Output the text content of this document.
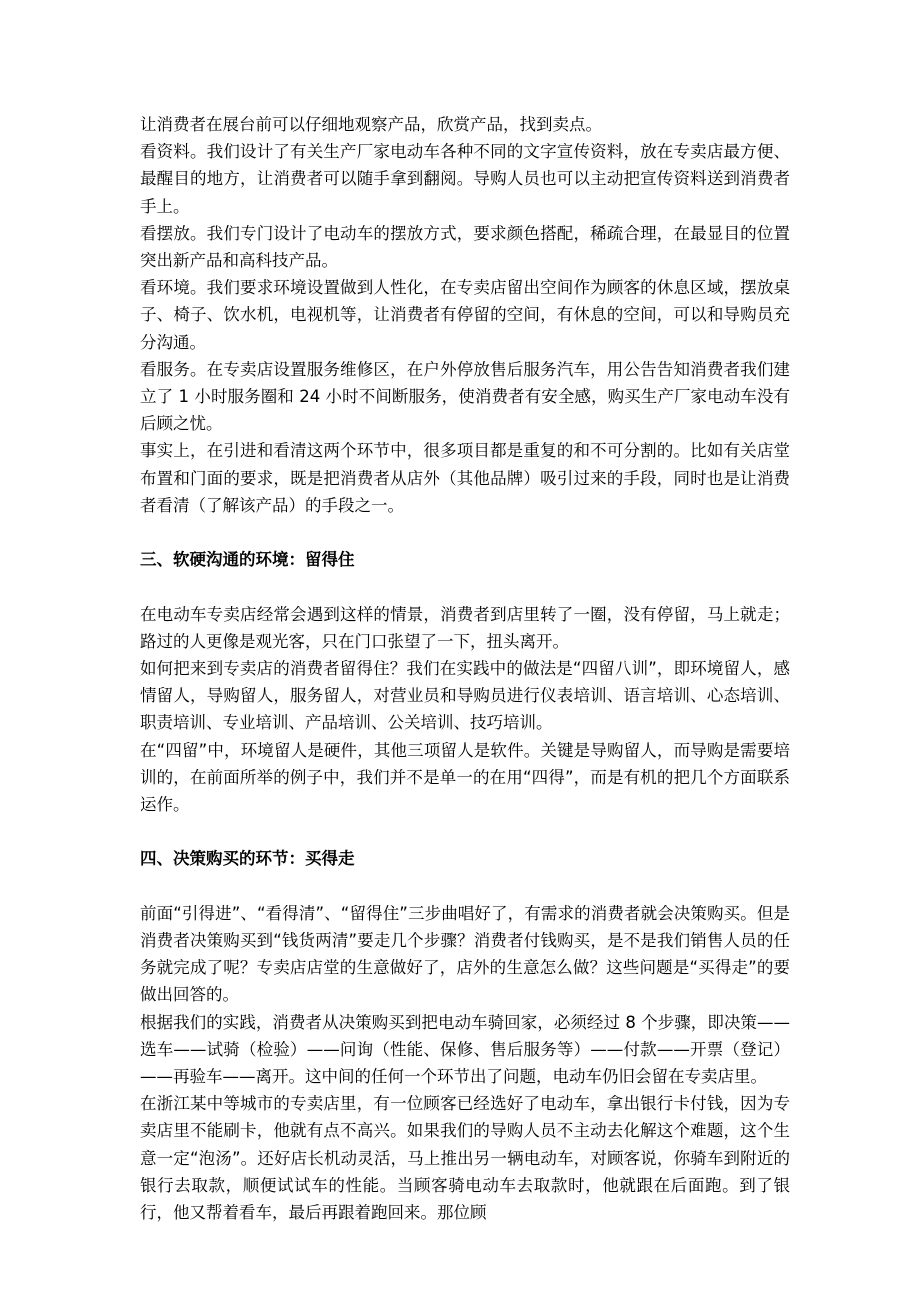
让消费者在展台前可以仔细地观察产品，欣赏产品，找到卖点。

看资料。我们设计了有关生产厂家电动车各种不同的文字宣传资料，放在专卖店最方便、最醒目的地方，让消费者可以随手拿到翻阅。导购人员也可以主动把宣传资料送到消费者手上。

看摆放。我们专门设计了电动车的摆放方式，要求颜色搭配，稀疏合理，在最显目的位置突出新产品和高科技产品。

看环境。我们要求环境设置做到人性化，在专卖店留出空间作为顾客的休息区域，摆放桌子、椅子、饮水机，电视机等，让消费者有停留的空间，有休息的空间，可以和导购员充分沟通。

看服务。在专卖店设置服务维修区，在户外停放售后服务汽车，用公告告知消费者我们建立了 1 小时服务圈和 24 小时不间断服务，使消费者有安全感，购买生产厂家电动车没有后顾之忧。

事实上，在引进和看清这两个环节中，很多项目都是重复的和不可分割的。比如有关店堂布置和门面的要求，既是把消费者从店外（其他品牌）吸引过来的手段，同时也是让消费者看清（了解该产品）的手段之一。

三、软硬沟通的环境：留得住

在电动车专卖店经常会遇到这样的情景，消费者到店里转了一圈，没有停留，马上就走；路过的人更像是观光客，只在门口张望了一下，扭头离开。

如何把来到专卖店的消费者留得住？我们在实践中的做法是“四留八训”，即环境留人，感情留人，导购留人，服务留人，对营业员和导购员进行仪表培训、语言培训、心态培训、职责培训、专业培训、产品培训、公关培训、技巧培训。

在“四留”中，环境留人是硬件，其他三项留人是软件。关键是导购留人，而导购是需要培训的，在前面所举的例子中，我们并不是单一的在用“四得”，而是有机的把几个方面联系运作。

四、决策购买的环节：买得走

前面“引得进”、“看得清”、“留得住”三步曲唱好了，有需求的消费者就会决策购买。但是消费者决策购买到“钱货两清”要走几个步骤？消费者付钱购买，是不是我们销售人员的任务就完成了呢？专卖店店堂的生意做好了，店外的生意怎么做？这些问题是“买得走”的要做出回答的。

根据我们的实践，消费者从决策购买到把电动车骑回家，必须经过 8 个步骤，即决策——选车——试骑（检验）——问询（性能、保修、售后服务等）——付款——开票（登记）——再验车——离开。这中间的任何一个环节出了问题，电动车仍旧会留在专卖店里。

在浙江某中等城市的专卖店里，有一位顾客已经选好了电动车，拿出银行卡付钱，因为专卖店里不能刷卡，他就有点不高兴。如果我们的导购人员不主动去化解这个难题，这个生意一定“泡汤”。还好店长机动灵活，马上推出另一辆电动车，对顾客说，你骑车到附近的银行去取款，顺便试试车的性能。当顾客骑电动车去取款时，他就跟在后面跑。到了银行，他又帮着看车，最后再跟着跑回来。那位顾
